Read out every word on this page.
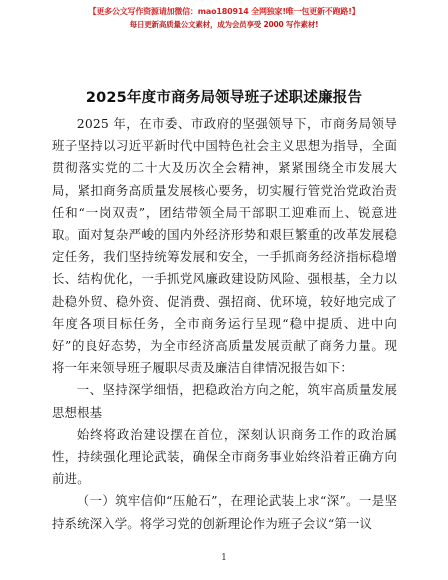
【更多公文写作资源请加微信：mao180914 全网独家!唯一包更新不跑路!】
每日更新高质量公文素材，成为会员享受 2000 写作素材!
2025年度市商务局领导班子述职述廉报告

2025 年，在市委、市政府的坚强领导下，市商务局领导班子坚持以习近平新时代中国特色社会主义思想为指导，全面贯彻落实党的二十大及历次全会精神，紧紧围绕全市发展大局，紧扣商务高质量发展核心要务，切实履行管党治党政治责任和“一岗双责”，团结带领全局干部职工迎难而上、锐意进取。面对复杂严峻的国内外经济形势和艰巨繁重的改革发展稳定任务，我们坚持统筹发展和安全，一手抓商务经济指标稳增长、结构优化，一手抓党风廉政建设防风险、强根基，全力以赴稳外贸、稳外资、促消费、强招商、优环境，较好地完成了年度各项目标任务，全市商务运行呈现“稳中提质、进中向好”的良好态势，为全市经济高质量发展贡献了商务力量。现将一年来领导班子履职尽责及廉洁自律情况报告如下：

一、坚持深学细悟，把稳政治方向之舵，筑牢高质量发展思想根基

始终将政治建设摆在首位，深刻认识商务工作的政治属性，持续强化理论武装，确保全市商务事业始终沿着正确方向前进。

（一）筑牢信仰“压舱石”，在理论武装上求“深”。一是坚持系统深入学。将学习党的创新理论作为班子会议“第一议

1
